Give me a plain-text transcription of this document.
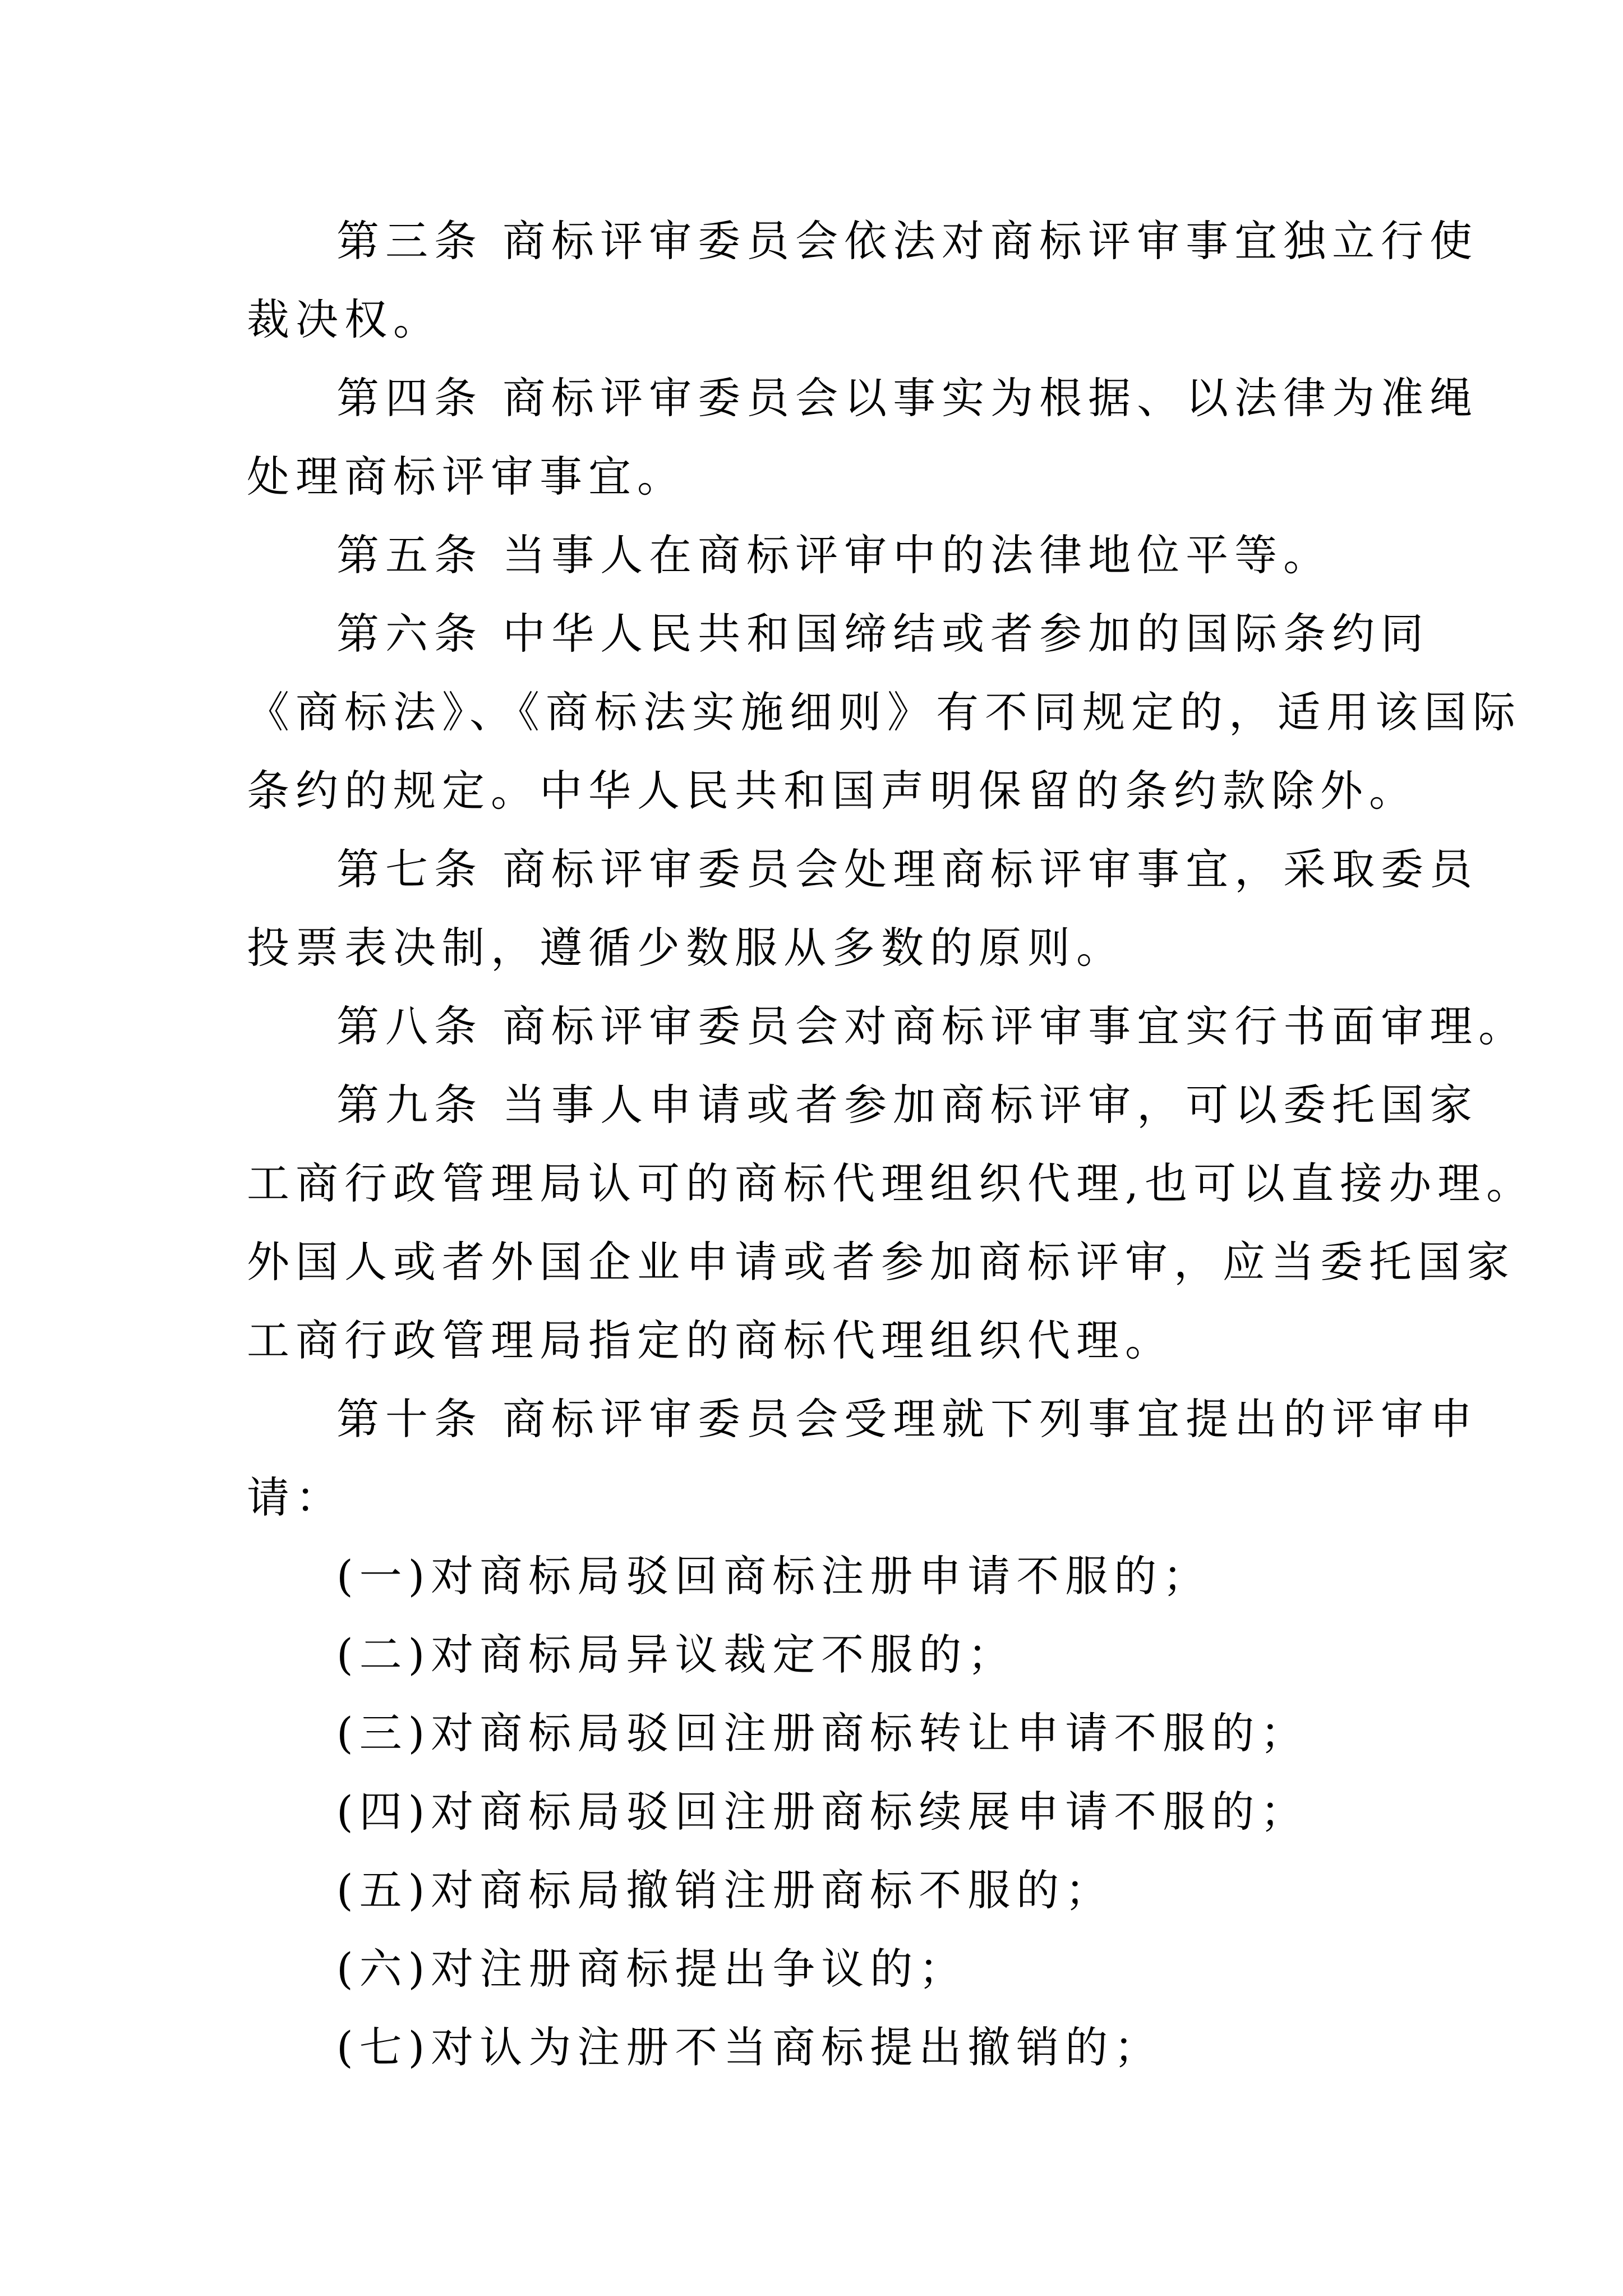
第三条 商标评审委员会依法对商标评审事宜独立行使
裁决权。
第四条 商标评审委员会以事实为根据、以法律为准绳
处理商标评审事宜。
第五条 当事人在商标评审中的法律地位平等。
第六条 中华人民共和国缔结或者参加的国际条约同
《商标法》、《商标法实施细则》有不同规定的，适用该国际
条约的规定。中华人民共和国声明保留的条约款除外。
第七条 商标评审委员会处理商标评审事宜，采取委员
投票表决制，遵循少数服从多数的原则。
第八条 商标评审委员会对商标评审事宜实行书面审理。
第九条 当事人申请或者参加商标评审，可以委托国家
工商行政管理局认可的商标代理组织代理,也可以直接办理。
外国人或者外国企业申请或者参加商标评审，应当委托国家
工商行政管理局指定的商标代理组织代理。
第十条 商标评审委员会受理就下列事宜提出的评审申
请：
(一)对商标局驳回商标注册申请不服的；
(二)对商标局异议裁定不服的；
(三)对商标局驳回注册商标转让申请不服的；
(四)对商标局驳回注册商标续展申请不服的；
(五)对商标局撤销注册商标不服的；
(六)对注册商标提出争议的；
(七)对认为注册不当商标提出撤销的；
